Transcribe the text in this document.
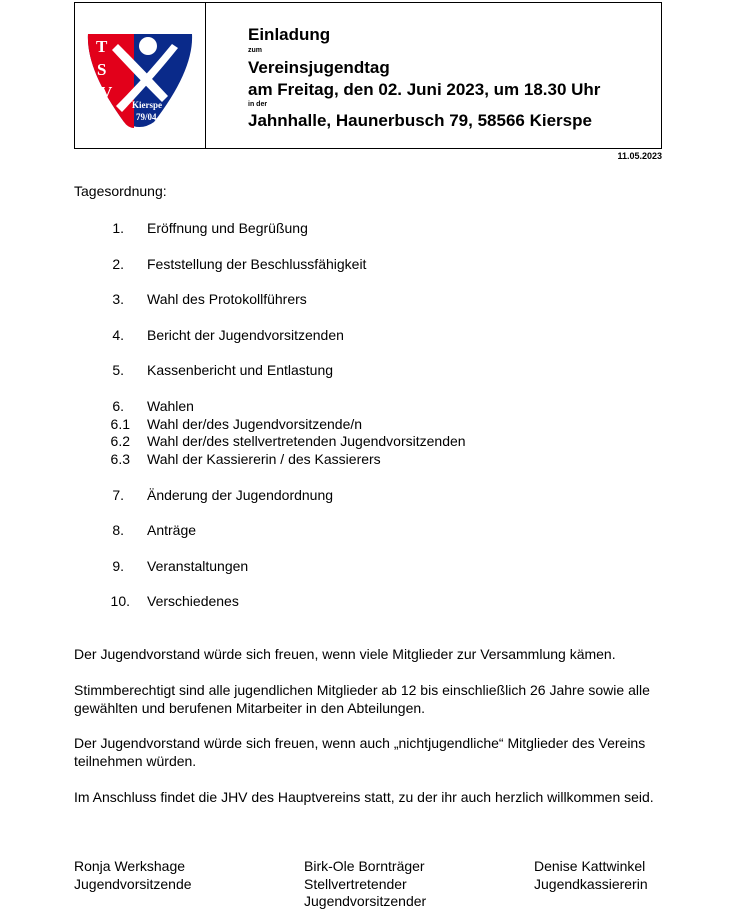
T
S
V
Kierspe
79/04
Einladung
zum
Vereinsjugendtag
am Freitag, den 02. Juni 2023, um 18.30 Uhr
in der
Jahnhalle, Haunerbusch 79, 58566 Kierspe
11.05.2023
Tagesordnung:
1. Eröffnung und Begrüßung
2. Feststellung der Beschlussfähigkeit
3. Wahl des Protokollführers
4. Bericht der Jugendvorsitzenden
5. Kassenbericht und Entlastung
6. Wahlen
6.1 Wahl der/des Jugendvorsitzende/n
6.2 Wahl der/des stellvertretenden Jugendvorsitzenden
6.3 Wahl der Kassiererin / des Kassierers
7. Änderung der Jugendordnung
8. Anträge
9. Veranstaltungen
10. Verschiedenes
Der Jugendvorstand würde sich freuen, wenn viele Mitglieder zur Versammlung kämen.
Stimmberechtigt sind alle jugendlichen Mitglieder ab 12 bis einschließlich 26 Jahre sowie alle gewählten und berufenen Mitarbeiter in den Abteilungen.
Der Jugendvorstand würde sich freuen, wenn auch „nichtjugendliche“ Mitglieder des Vereins teilnehmen würden.
Im Anschluss findet die JHV des Hauptvereins statt, zu der ihr auch herzlich willkommen seid.
Ronja Werkshage
Jugendvorsitzende
Birk-Ole Bornträger
Stellvertretender Jugendvorsitzender
Denise Kattwinkel
Jugendkassiererin
